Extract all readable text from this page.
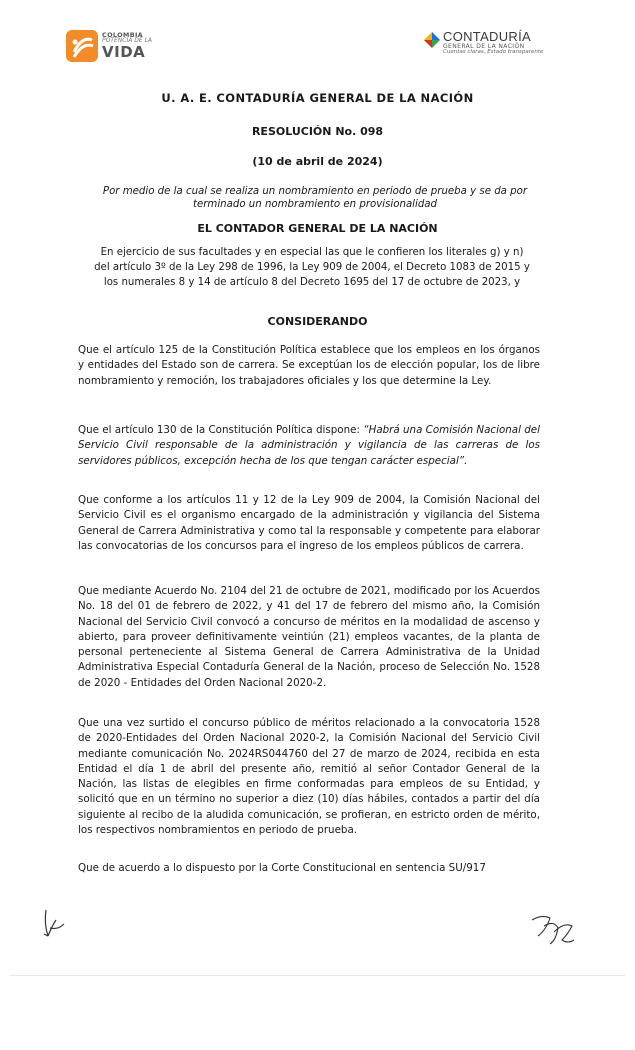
COLOMBIA
POTENCIA DE LA
VIDA
CONTADURÍA
GENERAL DE LA NACIÓN
Cuentas claras, Estado transparente
U. A. E. CONTADURÍA GENERAL DE LA NACIÓN
RESOLUCIÓN No. 098
(10 de abril de 2024)
Por medio de la cual se realiza un nombramiento en periodo de prueba y se da por terminado un nombramiento en provisionalidad
EL CONTADOR GENERAL DE LA NACIÓN
En ejercicio de sus facultades y en especial las que le confieren los literales g) y n) del artículo 3º de la Ley 298 de 1996, la Ley 909 de 2004, el Decreto 1083 de 2015 y los numerales 8 y 14 de artículo 8 del Decreto 1695 del 17 de octubre de 2023, y
CONSIDERANDO

Que el artículo 125 de la Constitución Política establece que los empleos en los órganos y entidades del Estado son de carrera. Se exceptúan los de elección popular, los de libre nombramiento y remoción, los trabajadores oficiales y los que determine la Ley.

Que el artículo 130 de la Constitución Política dispone: “Habrá una Comisión Nacional del Servicio Civil responsable de la administración y vigilancia de las carreras de los servidores públicos, excepción hecha de los que tengan carácter especial”.

Que conforme a los artículos 11 y 12 de la Ley 909 de 2004, la Comisión Nacional del Servicio Civil es el organismo encargado de la administración y vigilancia del Sistema General de Carrera Administrativa y como tal la responsable y competente para elaborar las convocatorias de los concursos para el ingreso de los empleos públicos de carrera.

Que mediante Acuerdo No. 2104 del 21 de octubre de 2021, modificado por los Acuerdos No. 18 del 01 de febrero de 2022, y 41 del 17 de febrero del mismo año, la Comisión Nacional del Servicio Civil convocó a concurso de méritos en la modalidad de ascenso y abierto, para proveer definitivamente veintiún (21) empleos vacantes, de la planta de personal perteneciente al Sistema General de Carrera Administrativa de la Unidad Administrativa Especial Contaduría General de la Nación, proceso de Selección No. 1528 de 2020 - Entidades del Orden Nacional 2020-2.

Que una vez surtido el concurso público de méritos relacionado a la convocatoria 1528 de 2020-Entidades del Orden Nacional 2020-2, la Comisión Nacional del Servicio Civil mediante comunicación No. 2024RS044760 del 27 de marzo de 2024, recibida en esta Entidad el día 1 de abril del presente año, remitió al señor Contador General de la Nación, las listas de elegibles en firme conformadas para empleos de su Entidad, y solicitó que en un término no superior a diez (10) días hábiles, contados a partir del día siguiente al recibo de la aludida comunicación, se profieran, en estricto orden de mérito, los respectivos nombramientos en periodo de prueba.

Que de acuerdo a lo dispuesto por la Corte Constitucional en sentencia SU/917
